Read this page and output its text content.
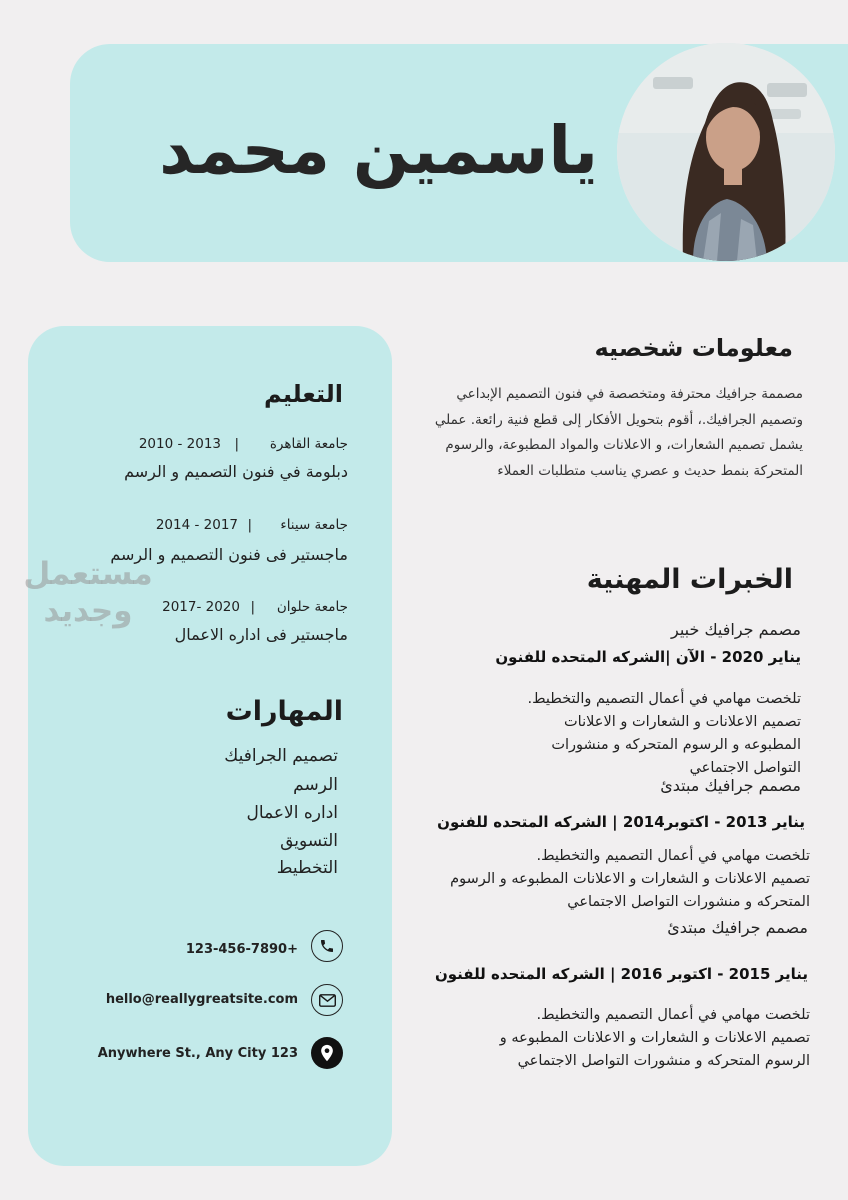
ياسمين محمد
التعليم
جامعة القاهرة
|
2010 - 2013
دبلومة في فنون التصميم و الرسم
جامعة سيناء
|
2014 - 2017
ماجستير فى فنون التصميم و الرسم
جامعة حلوان
|
2017- 2020
ماجستير فى اداره الاعمال
المهارات
تصميم الجرافيك
الرسم
اداره الاعمال
التسويق
التخطيط
123-456-7890+
hello@reallygreatsite.com
Anywhere St., Any City 123
معلومات شخصيه
مصممة جرافيك محترفة ومتخصصة في فنون التصميم الإبداعي وتصميم الجرافيك.، أقوم بتحويل الأفكار إلى قطع فنية رائعة. عملي يشمل تصميم الشعارات، و الاعلانات والمواد المطبوعة، والرسوم المتحركة بنمط حديث و عصري يناسب متطلبات العملاء
الخبرات المهنية
مصمم جرافيك خبير
يناير 2020 - الآن |الشركه المتحده للفنون
تلخصت مهامي في أعمال التصميم والتخطيط.
تصميم الاعلانات و الشعارات و الاعلانات
المطبوعه و الرسوم المتحركه و منشورات
التواصل الاجتماعي
مصمم جرافيك مبتدئ
يناير 2013 - اكتوبر2014 | الشركه المتحده للفنون
تلخصت مهامي في أعمال التصميم والتخطيط.
تصميم الاعلانات و الشعارات و الاعلانات المطبوعه و الرسوم
المتحركه و منشورات التواصل الاجتماعي
مصمم جرافيك مبتدئ
يناير 2015 - اكتوبر 2016 | الشركه المتحده للفنون
تلخصت مهامي في أعمال التصميم والتخطيط.
تصميم الاعلانات و الشعارات و الاعلانات المطبوعه و
الرسوم المتحركه و منشورات التواصل الاجتماعي
مستعمل
وجديد
